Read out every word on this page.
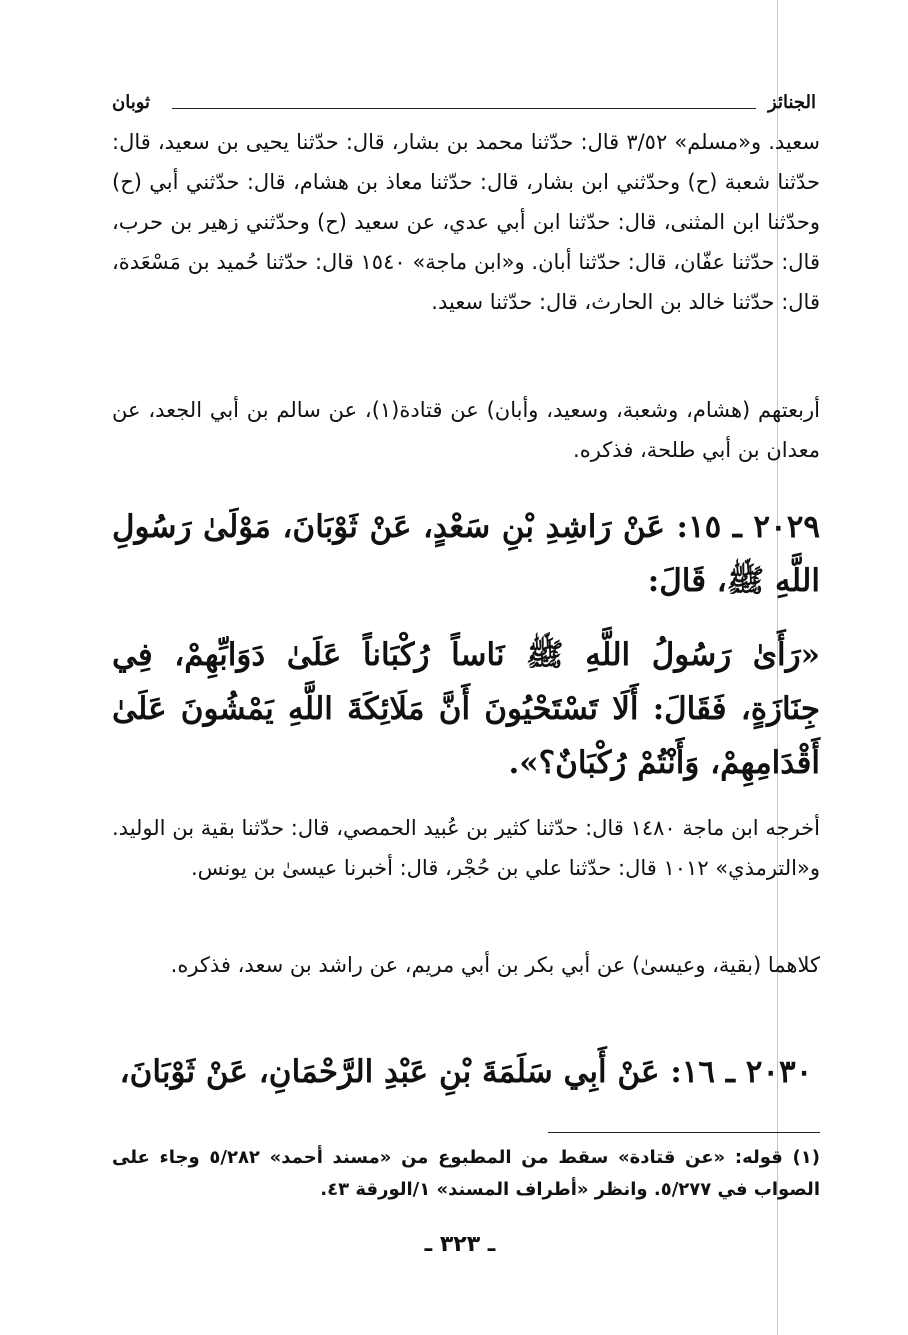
الجنائز
ثوبان

سعيد. و«مسلم» ٣/٥٢ قال: حدّثنا محمد بن بشار، قال: حدّثنا يحيى بن سعيد، قال: حدّثنا شعبة (ح) وحدّثني ابن بشار، قال: حدّثنا معاذ بن هشام، قال: حدّثني أبي (ح) وحدّثنا ابن المثنى، قال: حدّثنا ابن أبي عدي، عن سعيد (ح) وحدّثني زهير بن حرب، قال: حدّثنا عفّان، قال: حدّثنا أبان. و«ابن ماجة» ١٥٤٠ قال: حدّثنا حُميد بن مَسْعَدة، قال: حدّثنا خالد بن الحارث، قال: حدّثنا سعيد.

أربعتهم (هشام، وشعبة، وسعيد، وأبان) عن قتادة(١)، عن سالم بن أبي الجعد، عن معدان بن أبي طلحة، فذكره.

٢٠٢٩ ـ ١٥: عَنْ رَاشِدِ بْنِ سَعْدٍ، عَنْ ثَوْبَانَ، مَوْلَىٰ رَسُولِ اللَّهِ ﷺ، قَالَ:

«رَأَىٰ رَسُولُ اللَّهِ ﷺ نَاساً رُكْبَاناً عَلَىٰ دَوَابِّهِمْ، فِي جِنَازَةٍ، فَقَالَ: أَلَا تَسْتَحْيُونَ أَنَّ مَلَائِكَةَ اللَّهِ يَمْشُونَ عَلَىٰ أَقْدَامِهِمْ، وَأَنْتُمْ رُكْبَانٌ؟».

أخرجه ابن ماجة ١٤٨٠ قال: حدّثنا كثير بن عُبيد الحمصي، قال: حدّثنا بقية بن الوليد. و«الترمذي» ١٠١٢ قال: حدّثنا علي بن حُجْر، قال: أخبرنا عيسىٰ بن يونس.

كلاهما (بقية، وعيسىٰ) عن أبي بكر بن أبي مريم، عن راشد بن سعد، فذكره.

٢٠٣٠ ـ ١٦: عَنْ أَبِي سَلَمَةَ بْنِ عَبْدِ الرَّحْمَانِ، عَنْ ثَوْبَانَ،

(١) قوله: «عن قتادة» سقط من المطبوع من «مسند أحمد» ٥/٢٨٢ وجاء على الصواب في ٥/٢٧٧. وانظر «أطراف المسند» ١/الورقة ٤٣.

ـ ٣٢٣ ـ
